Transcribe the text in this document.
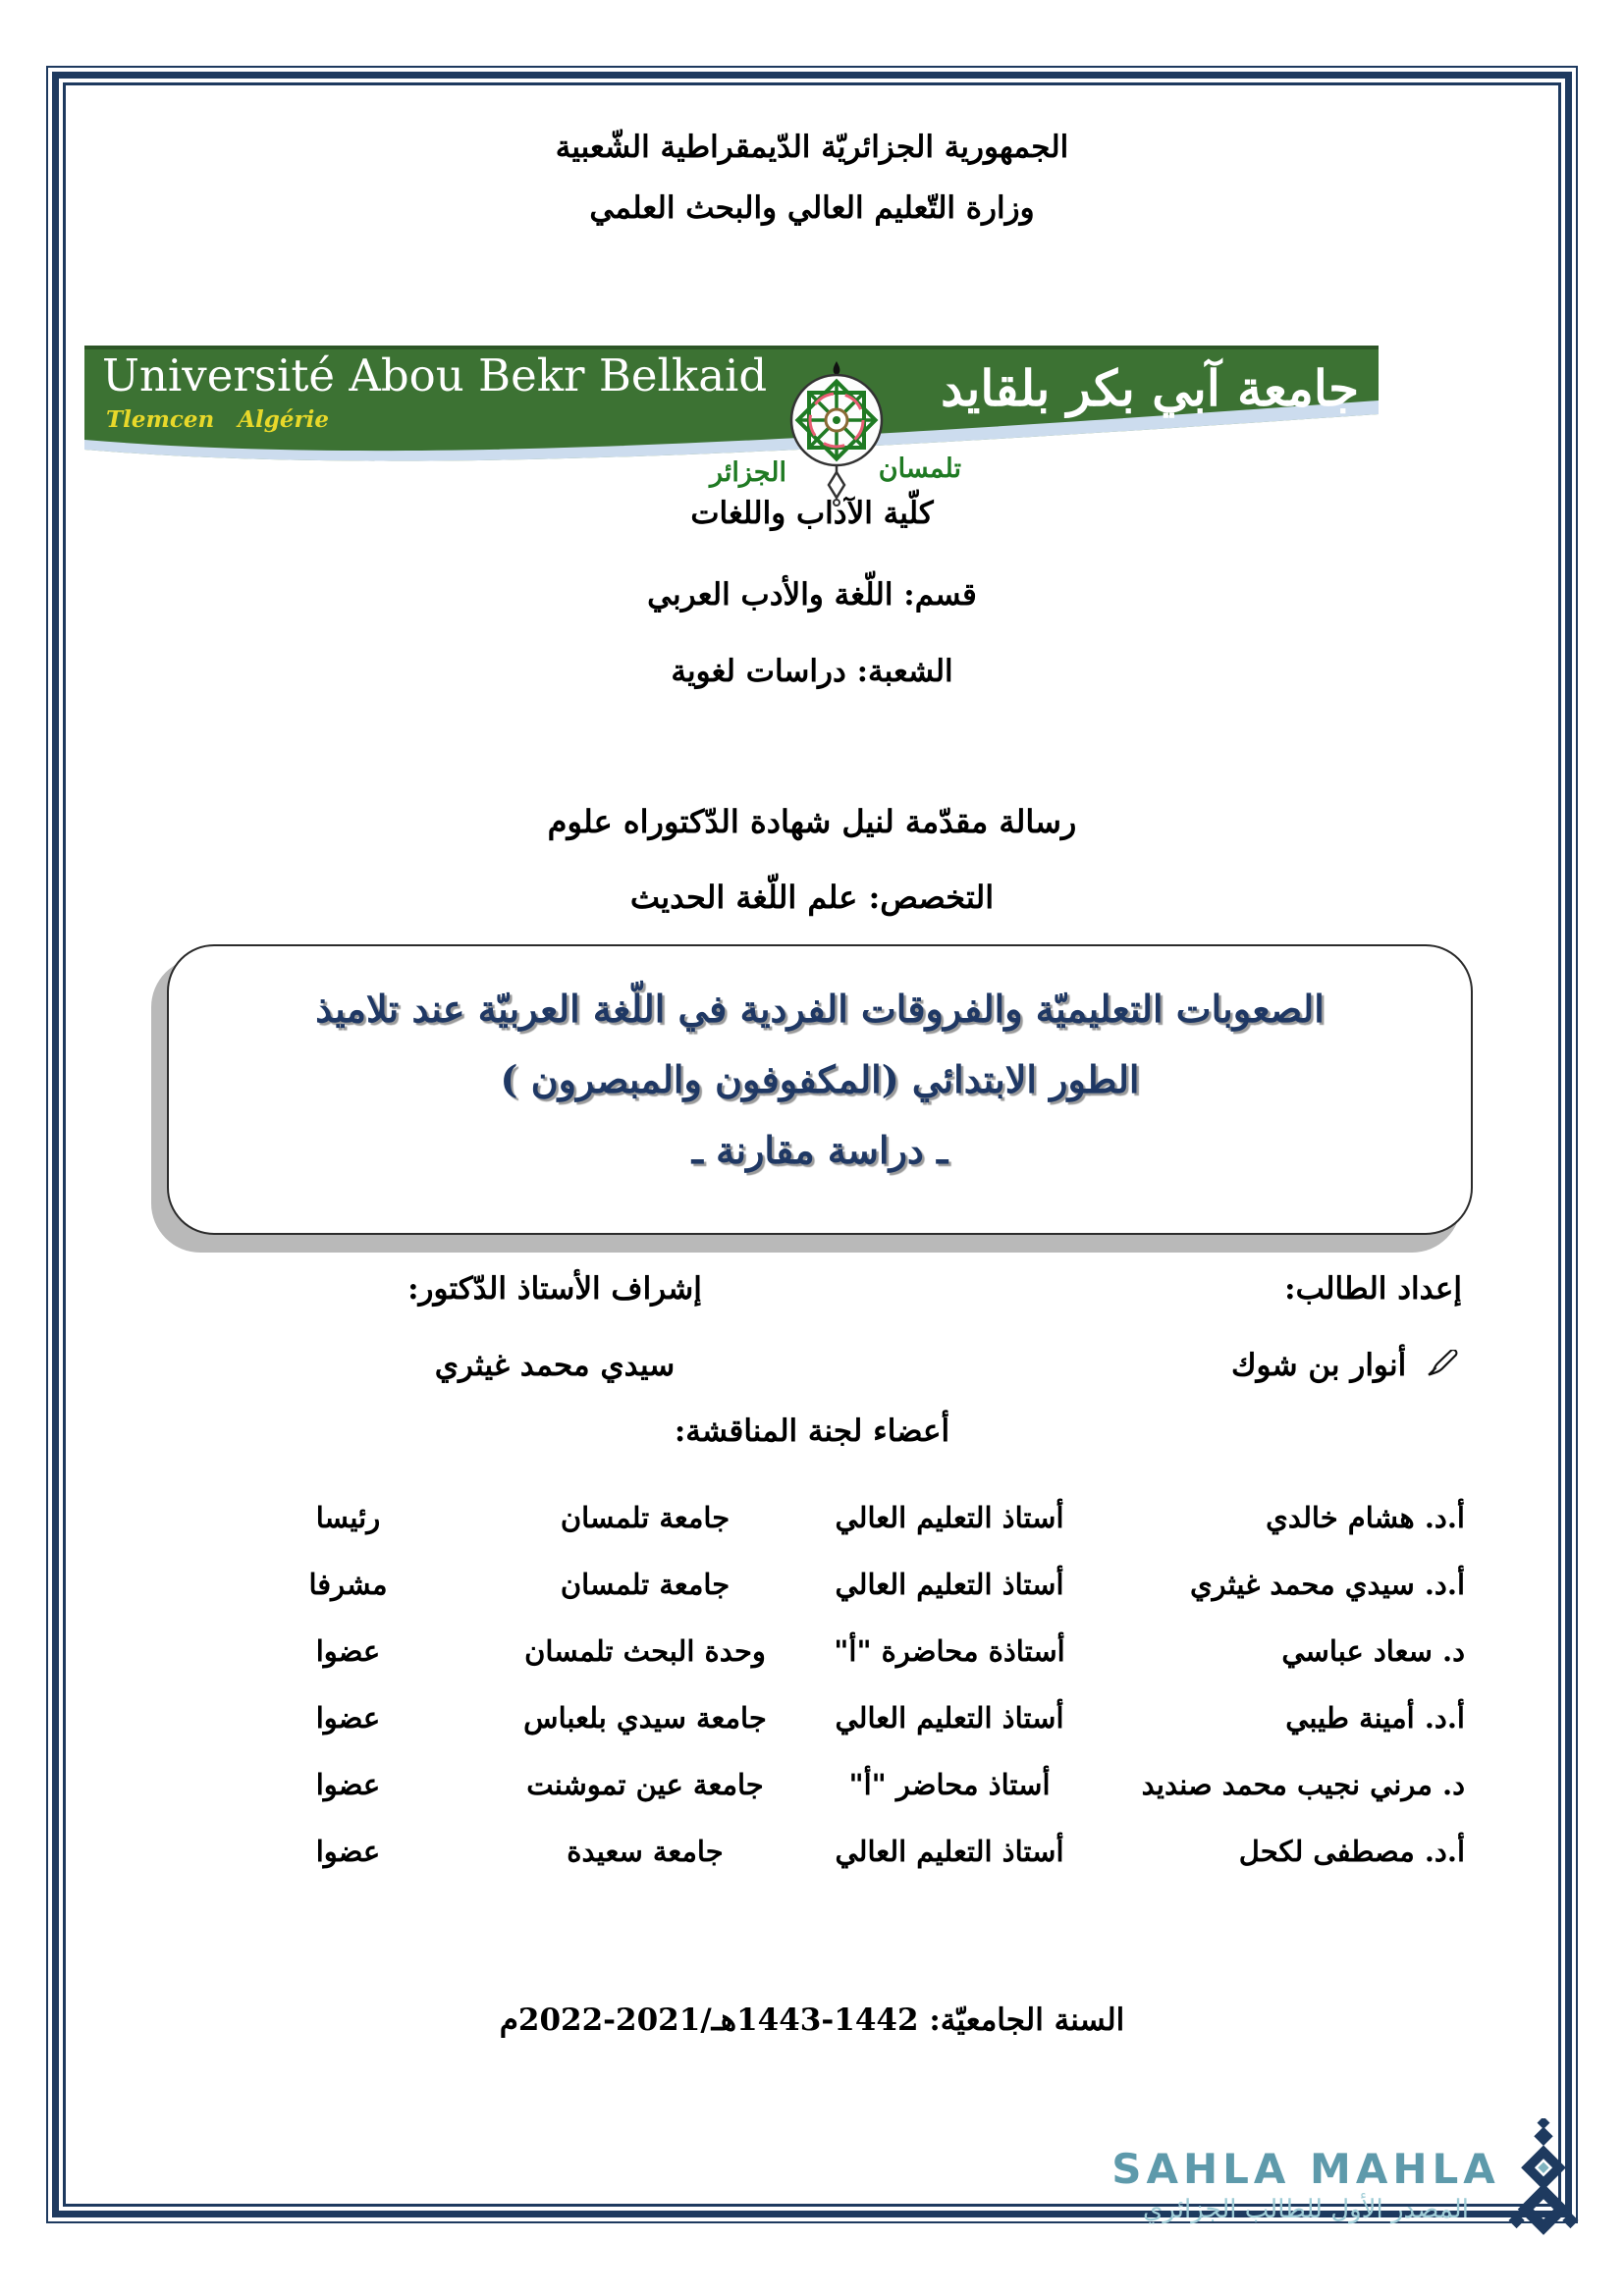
الجمهورية الجزائريّة الدّيمقراطية الشّعبية
وزارة التّعليم العالي والبحث العلمي
Université Abou Bekr Belkaid
Tlemcen   Algérie
جامعة آبي بكر بلقايد
تلمسان
الجزائر
كلّية الآداب واللغات
قسم: اللّغة والأدب العربي
الشعبة: دراسات لغوية
رسالة مقدّمة لنيل شهادة الدّكتوراه علوم
التخصص: علم اللّغة الحديث
الصعوبات التعليميّة والفروقات الفردية في اللّغة العربيّة عند تلاميذ
الطور الابتدائي (المكفوفون والمبصرون )
ـ دراسة مقارنة ـ
إعداد الطالب:
أنوار بن شوك
إشراف الأستاذ الدّكتور:
سيدي محمد غيثري
أعضاء لجنة المناقشة:
أ.د. هشام خالدي
أستاذ التعليم العالي
جامعة تلمسان
رئيسا
أ.د. سيدي محمد غيثري
أستاذ التعليم العالي
جامعة تلمسان
مشرفا
د. سعاد عباسي
أستاذة محاضرة "أ"
وحدة البحث تلمسان
عضوا
أ.د. أمينة طيبي
أستاذ التعليم العالي
جامعة سيدي بلعباس
عضوا
د. مرني نجيب محمد صنديد
أستاذ محاضر "أ"
جامعة عين تموشنت
عضوا
أ.د. مصطفى لكحل
أستاذ التعليم العالي
جامعة سعيدة
عضوا
السنة الجامعيّة: 1442-1443هـ/2021-2022م
SAHLA MAHLA
المصدر الأول للطالب الجزائري
